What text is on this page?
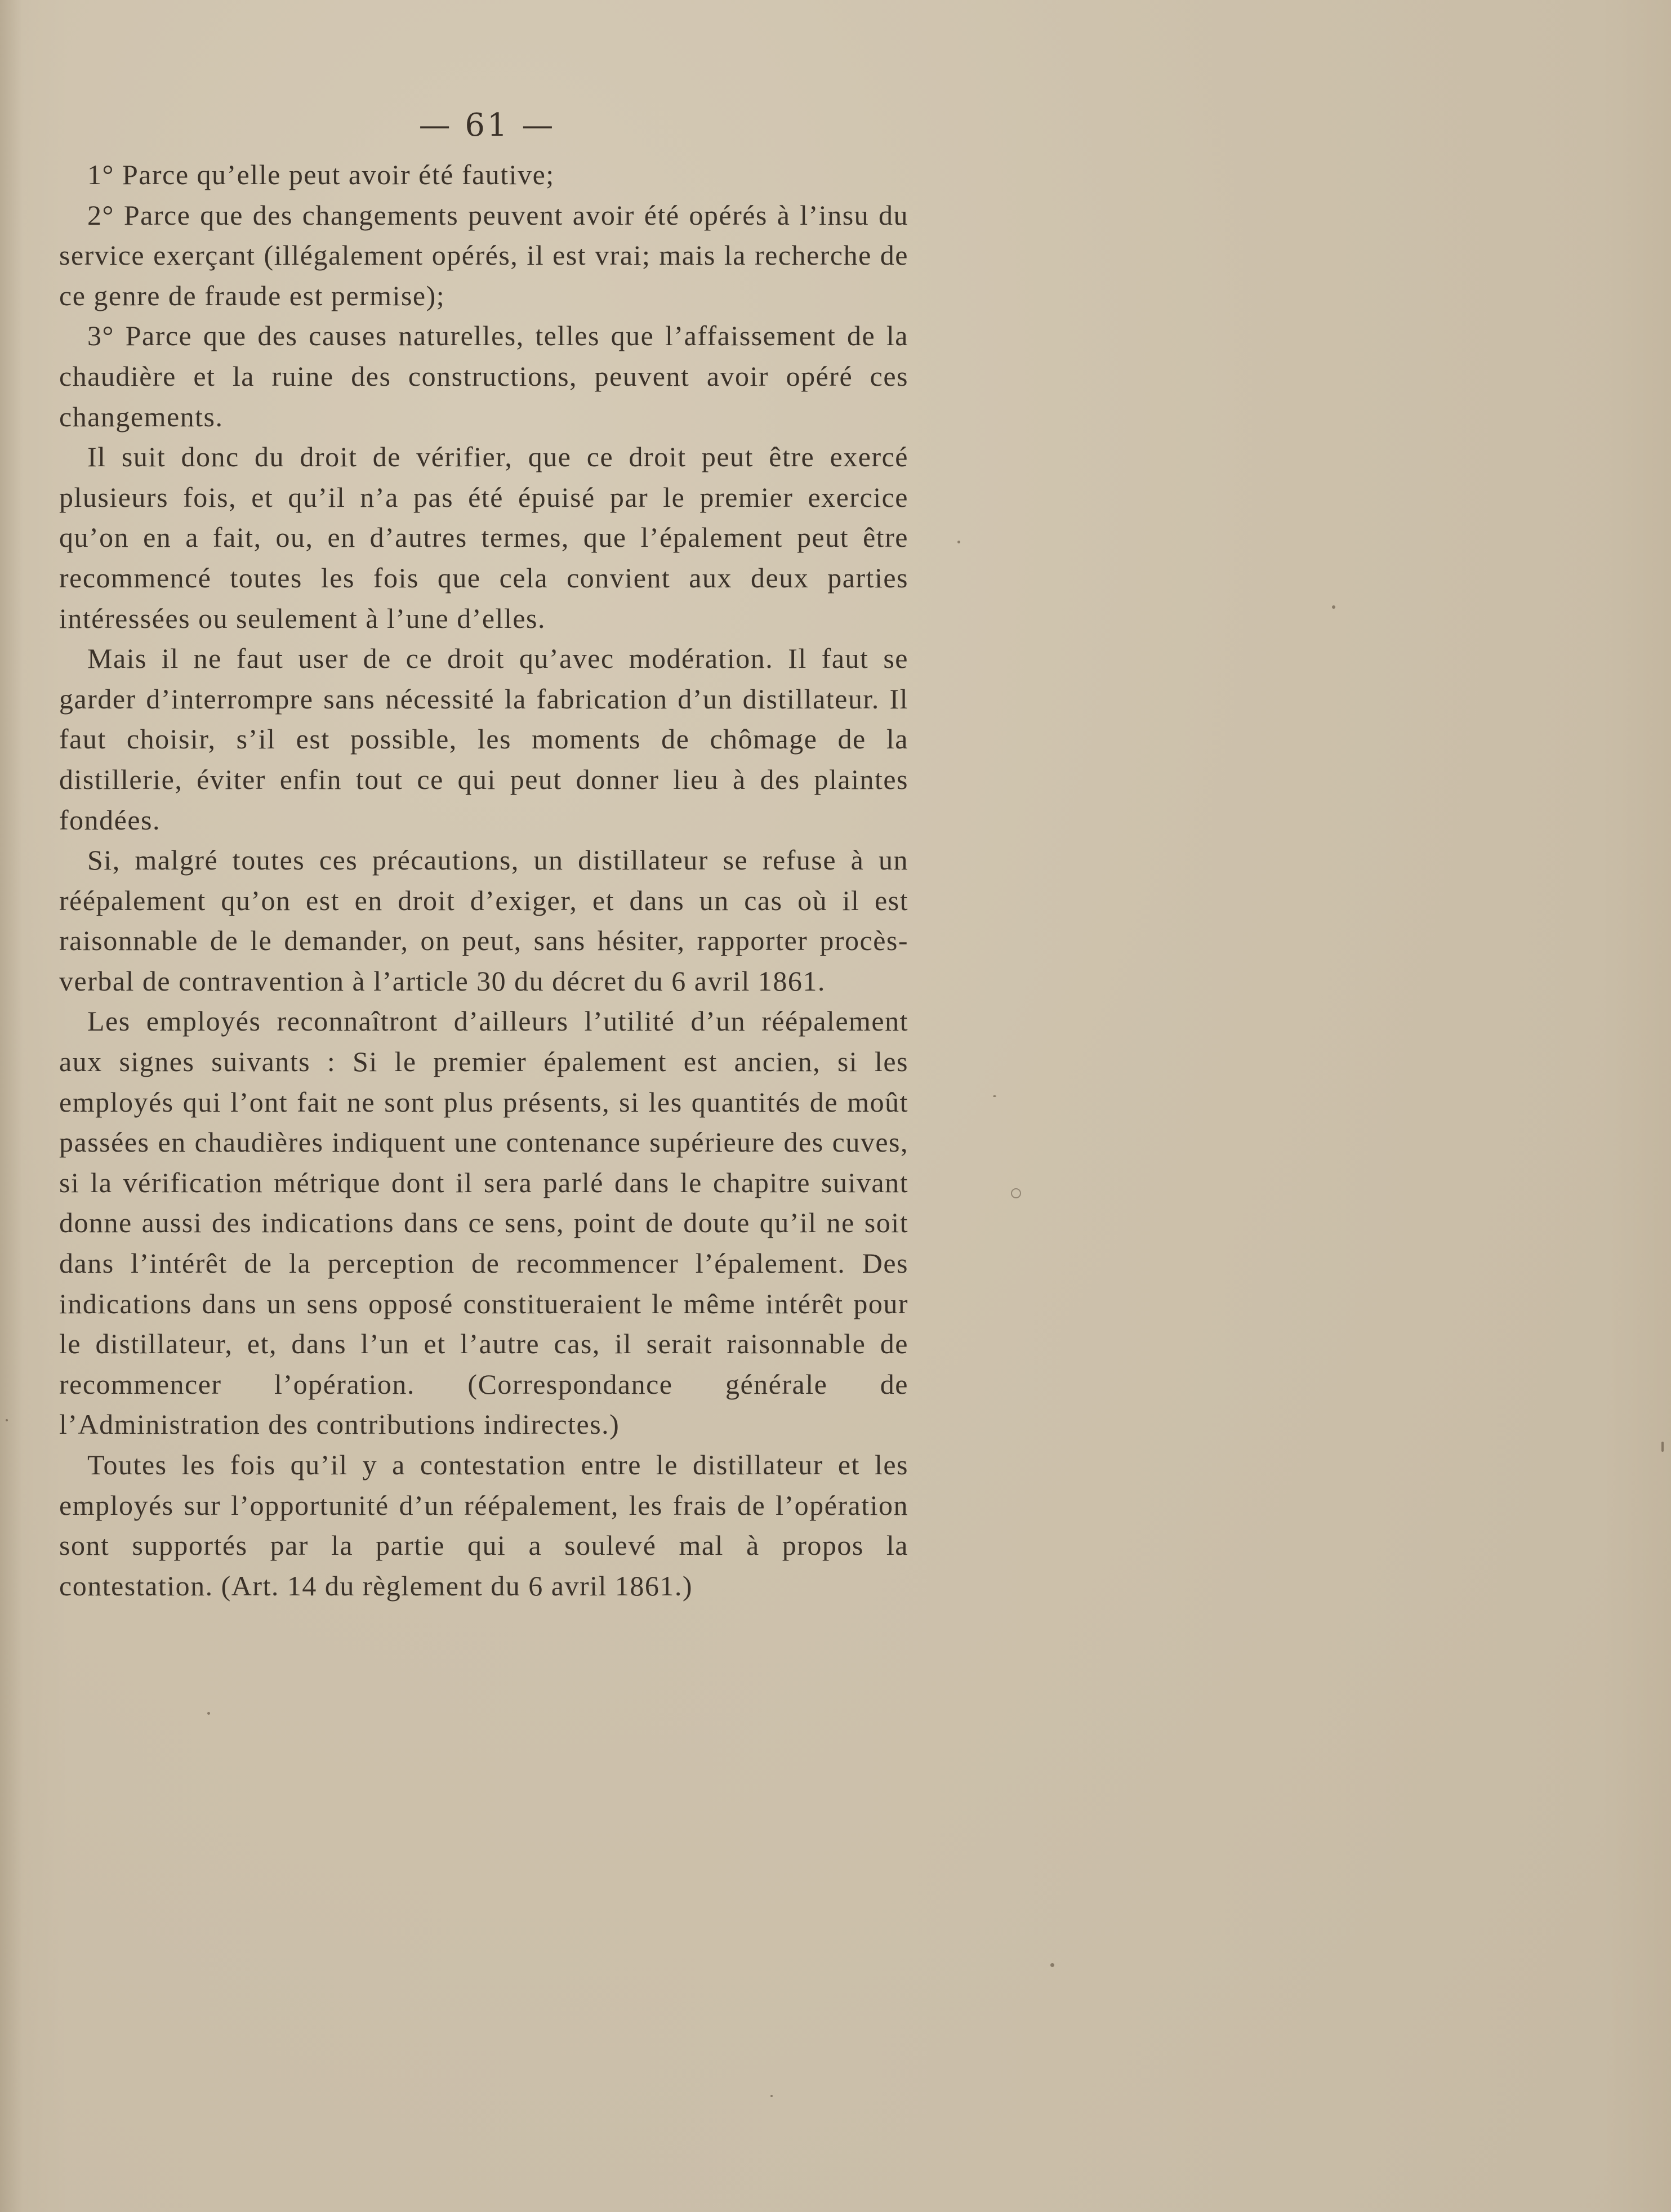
— 61 —

1° Parce qu’elle peut avoir été fautive;

2° Parce que des changements peuvent avoir été opérés à l’insu du service exerçant (illégalement opérés, il est vrai; mais la recherche de ce genre de fraude est permise);

3° Parce que des causes naturelles, telles que l’affaissement de la chaudière et la ruine des constructions, peuvent avoir opéré ces changements.

Il suit donc du droit de vérifier, que ce droit peut être exercé plusieurs fois, et qu’il n’a pas été épuisé par le premier exercice qu’on en a fait, ou, en d’autres termes, que l’épalement peut être recommencé toutes les fois que cela convient aux deux parties intéressées ou seulement à l’une d’elles.

Mais il ne faut user de ce droit qu’avec modération. Il faut se garder d’interrompre sans nécessité la fabrication d’un distillateur. Il faut choisir, s’il est possible, les moments de chômage de la distillerie, éviter enfin tout ce qui peut donner lieu à des plaintes fondées.

Si, malgré toutes ces précautions, un distillateur se refuse à un réépalement qu’on est en droit d’exiger, et dans un cas où il est raisonnable de le demander, on peut, sans hésiter, rapporter procès-verbal de contravention à l’article 30 du décret du 6 avril 1861.

Les employés reconnaîtront d’ailleurs l’utilité d’un réépalement aux signes suivants : Si le premier épalement est ancien, si les employés qui l’ont fait ne sont plus présents, si les quantités de moût passées en chaudières indiquent une contenance supérieure des cuves, si la vérification métrique dont il sera parlé dans le chapitre suivant donne aussi des indications dans ce sens, point de doute qu’il ne soit dans l’intérêt de la perception de recommencer l’épalement. Des indications dans un sens opposé constitueraient le même intérêt pour le distillateur, et, dans l’un et l’autre cas, il serait raisonnable de recommencer l’opération. (Correspondance générale de l’Administration des contributions indirectes.)

Toutes les fois qu’il y a contestation entre le distillateur et les employés sur l’opportunité d’un réépalement, les frais de l’opération sont supportés par la partie qui a soulevé mal à propos la contestation. (Art. 14 du règlement du 6 avril 1861.)
